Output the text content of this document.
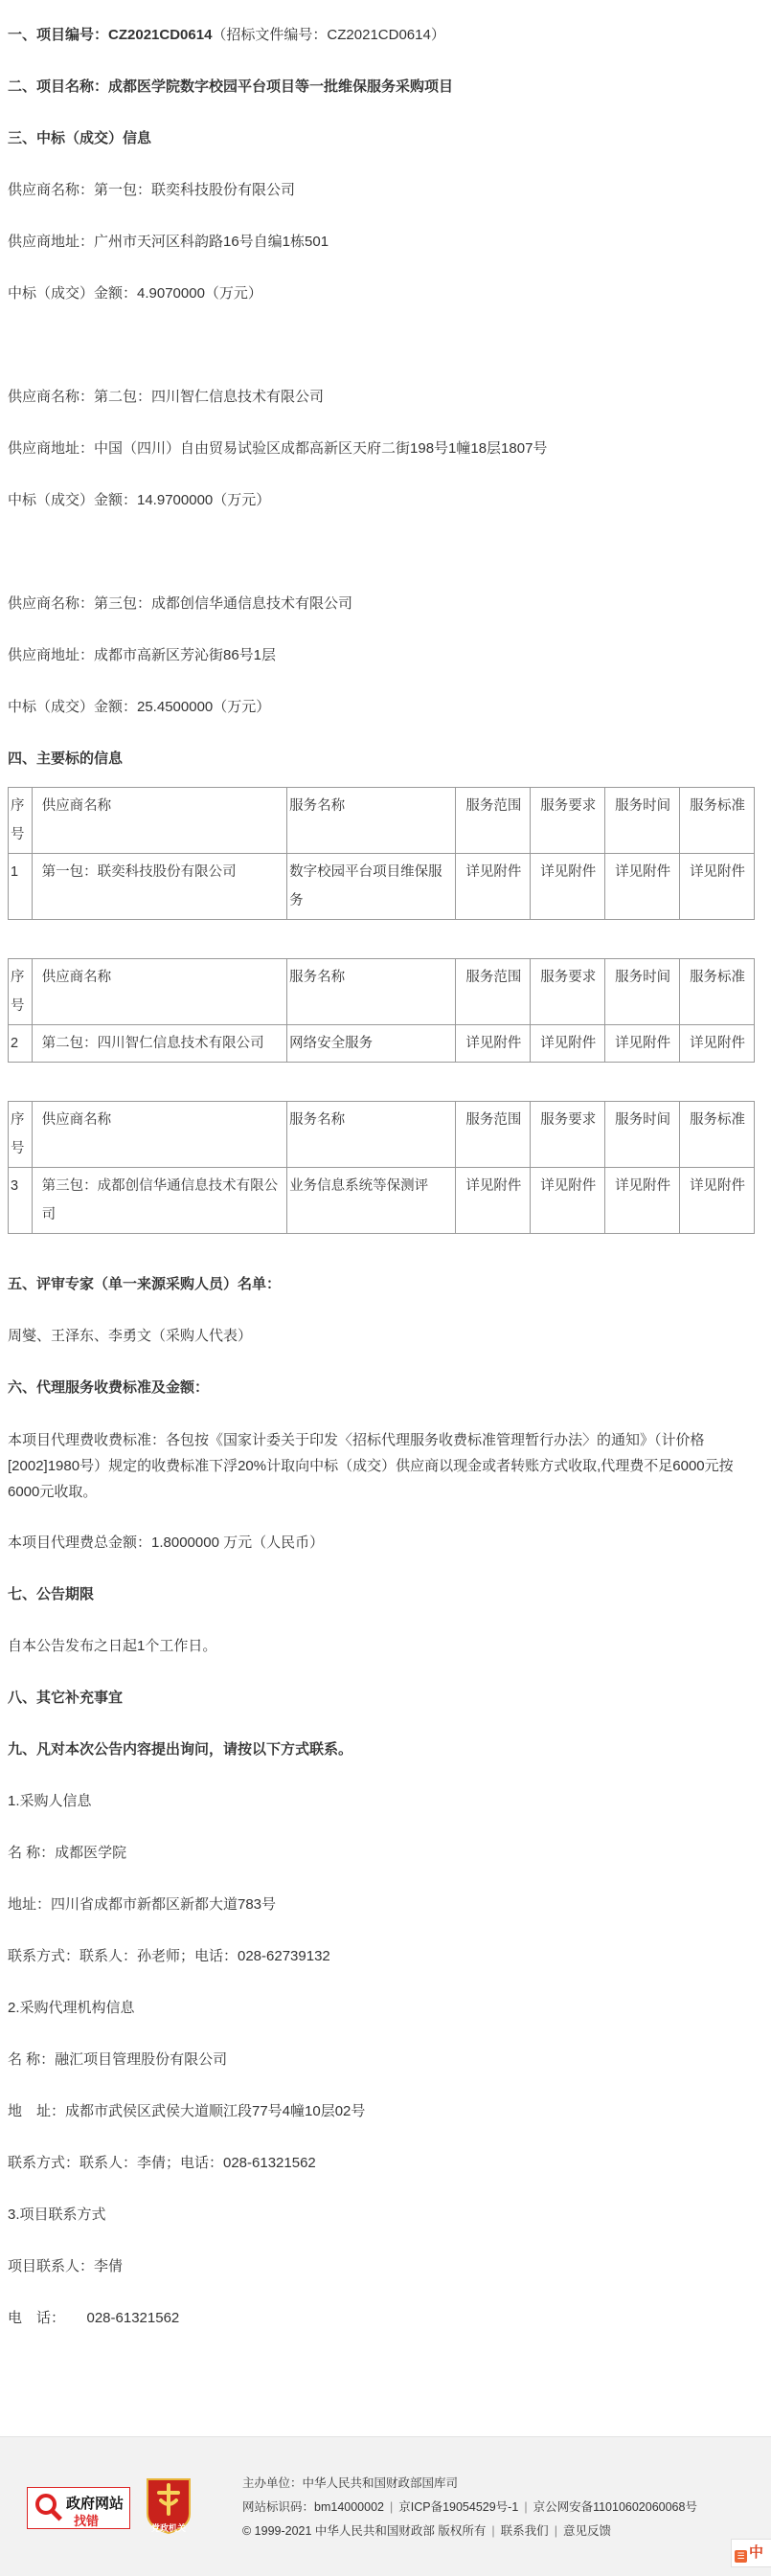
一、项目编号：CZ2021CD0614（招标文件编号：CZ2021CD0614）

二、项目名称：成都医学院数字校园平台项目等一批维保服务采购项目

三、中标（成交）信息

供应商名称：第一包：联奕科技股份有限公司

供应商地址：广州市天河区科韵路16号自编1栋501

中标（成交）金额：4.9070000（万元）

供应商名称：第二包：四川智仁信息技术有限公司

供应商地址：中国（四川）自由贸易试验区成都高新区天府二街198号1幢18层1807号

中标（成交）金额：14.9700000（万元）

供应商名称：第三包：成都创信华通信息技术有限公司

供应商地址：成都市高新区芳沁街86号1层

中标（成交）金额：25.4500000（万元）

四、主要标的信息

序号	供应商名称	服务名称	服务范围	服务要求	服务时间	服务标准
1	第一包：联奕科技股份有限公司	数字校园平台项目维保服务	详见附件	详见附件	详见附件	详见附件
序号	供应商名称	服务名称	服务范围	服务要求	服务时间	服务标准
2	第二包：四川智仁信息技术有限公司	网络安全服务	详见附件	详见附件	详见附件	详见附件
序号	供应商名称	服务名称	服务范围	服务要求	服务时间	服务标准
3	第三包：成都创信华通信息技术有限公司	业务信息系统等保测评	详见附件	详见附件	详见附件	详见附件

五、评审专家（单一来源采购人员）名单：

周燮、王泽东、李勇文（采购人代表）

六、代理服务收费标准及金额：

本项目代理费收费标准：各包按《国家计委关于印发〈招标代理服务收费标准管理暂行办法〉的通知》（计价格[2002]1980号）规定的收费标准下浮20%计取向中标（成交）供应商以现金或者转账方式收取,代理费不足6000元按6000元收取。

本项目代理费总金额：1.8000000 万元（人民币）

七、公告期限

自本公告发布之日起1个工作日。

八、其它补充事宜

九、凡对本次公告内容提出询问，请按以下方式联系。

1.采购人信息

名 称：成都医学院

地址：四川省成都市新都区新都大道783号

联系方式：联系人：孙老师；电话：028-62739132

2.采购代理机构信息

名 称：融汇项目管理股份有限公司

地　址：成都市武侯区武侯大道顺江段77号4幢10层02号

联系方式：联系人：李倩；电话：028-61321562

3.项目联系方式

项目联系人：李倩

电　话：　　028-61321562

政府网站
找错	党政机关
主办单位：中华人民共和国财政部国库司
网站标识码：bm14000002 | 京ICP备19054529号-1 | 京公网安备11010602060068号
© 1999-2021 中华人民共和国财政部 版权所有 | 联系我们 | 意见反馈
☰ 中
